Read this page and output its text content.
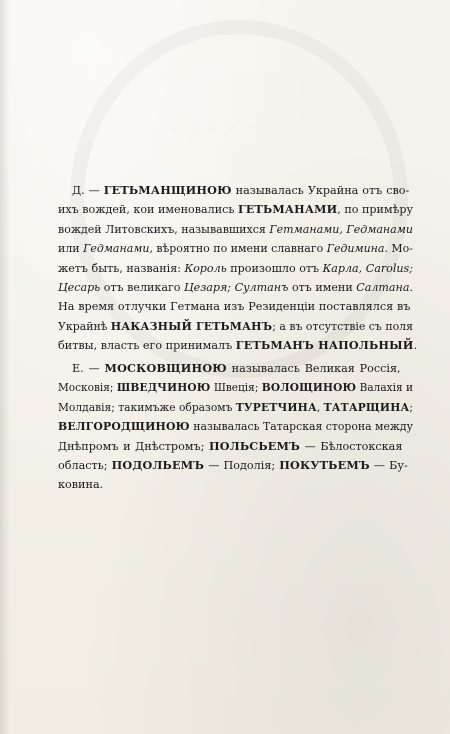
◦ ◦ ◦ ◦ ◦ ◦ ◦
Д. — ГЕТЬМАНЩИНОЮ называлась Украйна отъ сво-
ихъ вождей, кои именовались ГЕТЬМАНАМИ, по примѣру
вождей Литовскихъ, называвшихся Гетманами, Гедманами
или Гедманами, вѣроятно по имени славнаго Гедимина. Мо-
жетъ быть, названія: Король произошло отъ Карла, Carolus;
Цесарь отъ великаго Цезаря; Султанъ отъ имени Салтана.
На время отлучки Гетмана изъ Резиденціи поставлялся въ
Украйнѣ НАКАЗНЫЙ ГЕТЬМАНЪ; а въ отсутствіе съ поля
битвы, власть его принималъ ГЕТЬМАНЪ НАПОЛЬНЫЙ.
Е. — МОСКОВЩИНОЮ называлась Великая Россія,
Московія; ШВЕДЧИНОЮ Швеція; ВОЛОЩИНОЮ Валахія и
Молдавія; такимъже образомъ ТУРЕТЧИНА, ТАТАРЩИНА;
ВЕЛГОРОДЩИНОЮ называлась Татарская сторона между
Днѣпромъ и Днѣстромъ; ПОЛЬСЬЕМЪ — Бѣлостокская
область; ПОДОЛЬЕМЪ — Подолія; ПОКУТЬЕМЪ — Бу-
ковина.
